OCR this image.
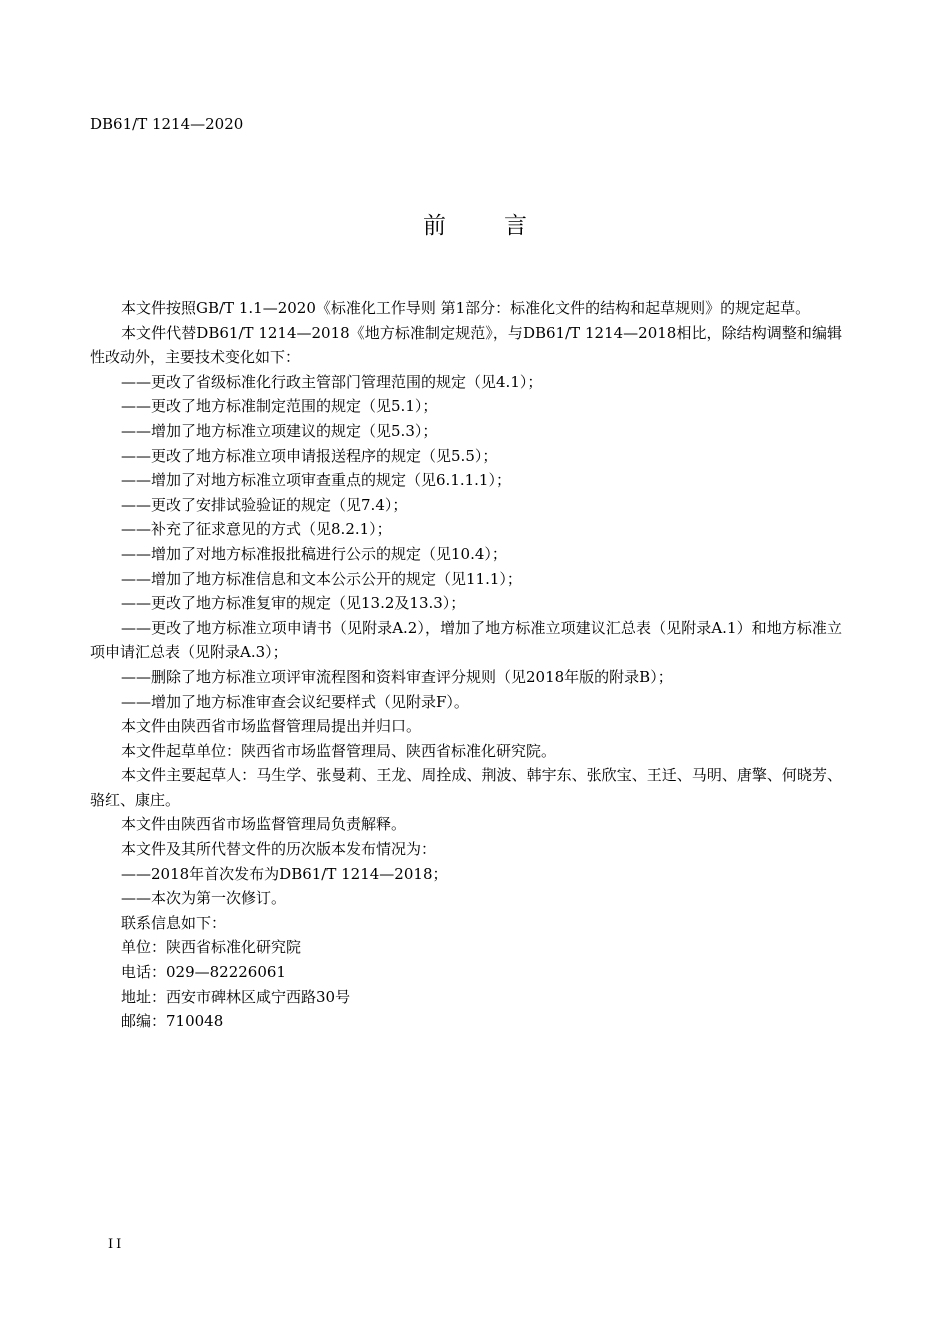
DB61/T 1214—2020
前	言

本文件按照GB/T 1.1—2020《标准化工作导则 第1部分：标准化文件的结构和起草规则》的规定起草。

本文件代替DB61/T 1214—2018《地方标准制定规范》，与DB61/T 1214—2018相比，除结构调整和编辑性改动外，主要技术变化如下：

——更改了省级标准化行政主管部门管理范围的规定（见4.1）；

——更改了地方标准制定范围的规定（见5.1）；

——增加了地方标准立项建议的规定（见5.3）；

——更改了地方标准立项申请报送程序的规定（见5.5）；

——增加了对地方标准立项审查重点的规定（见6.1.1.1）；

——更改了安排试验验证的规定（见7.4）；

——补充了征求意见的方式（见8.2.1）；

——增加了对地方标准报批稿进行公示的规定（见10.4）；

——增加了地方标准信息和文本公示公开的规定（见11.1）；

——更改了地方标准复审的规定（见13.2及13.3）；

——更改了地方标准立项申请书（见附录A.2），增加了地方标准立项建议汇总表（见附录A.1）和地方标准立项申请汇总表（见附录A.3）；

——删除了地方标准立项评审流程图和资料审查评分规则（见2018年版的附录B）；

——增加了地方标准审查会议纪要样式（见附录F）。

本文件由陕西省市场监督管理局提出并归口。

本文件起草单位：陕西省市场监督管理局、陕西省标准化研究院。

本文件主要起草人：马生学、张曼莉、王龙、周拴成、荆波、韩宇东、张欣宝、王迁、马明、唐擎、何晓芳、骆红、康庄。

本文件由陕西省市场监督管理局负责解释。

本文件及其所代替文件的历次版本发布情况为：

——2018年首次发布为DB61/T 1214—2018；

——本次为第一次修订。

联系信息如下：

单位：陕西省标准化研究院

电话：029—82226061

地址：西安市碑林区咸宁西路30号

邮编：710048

II
